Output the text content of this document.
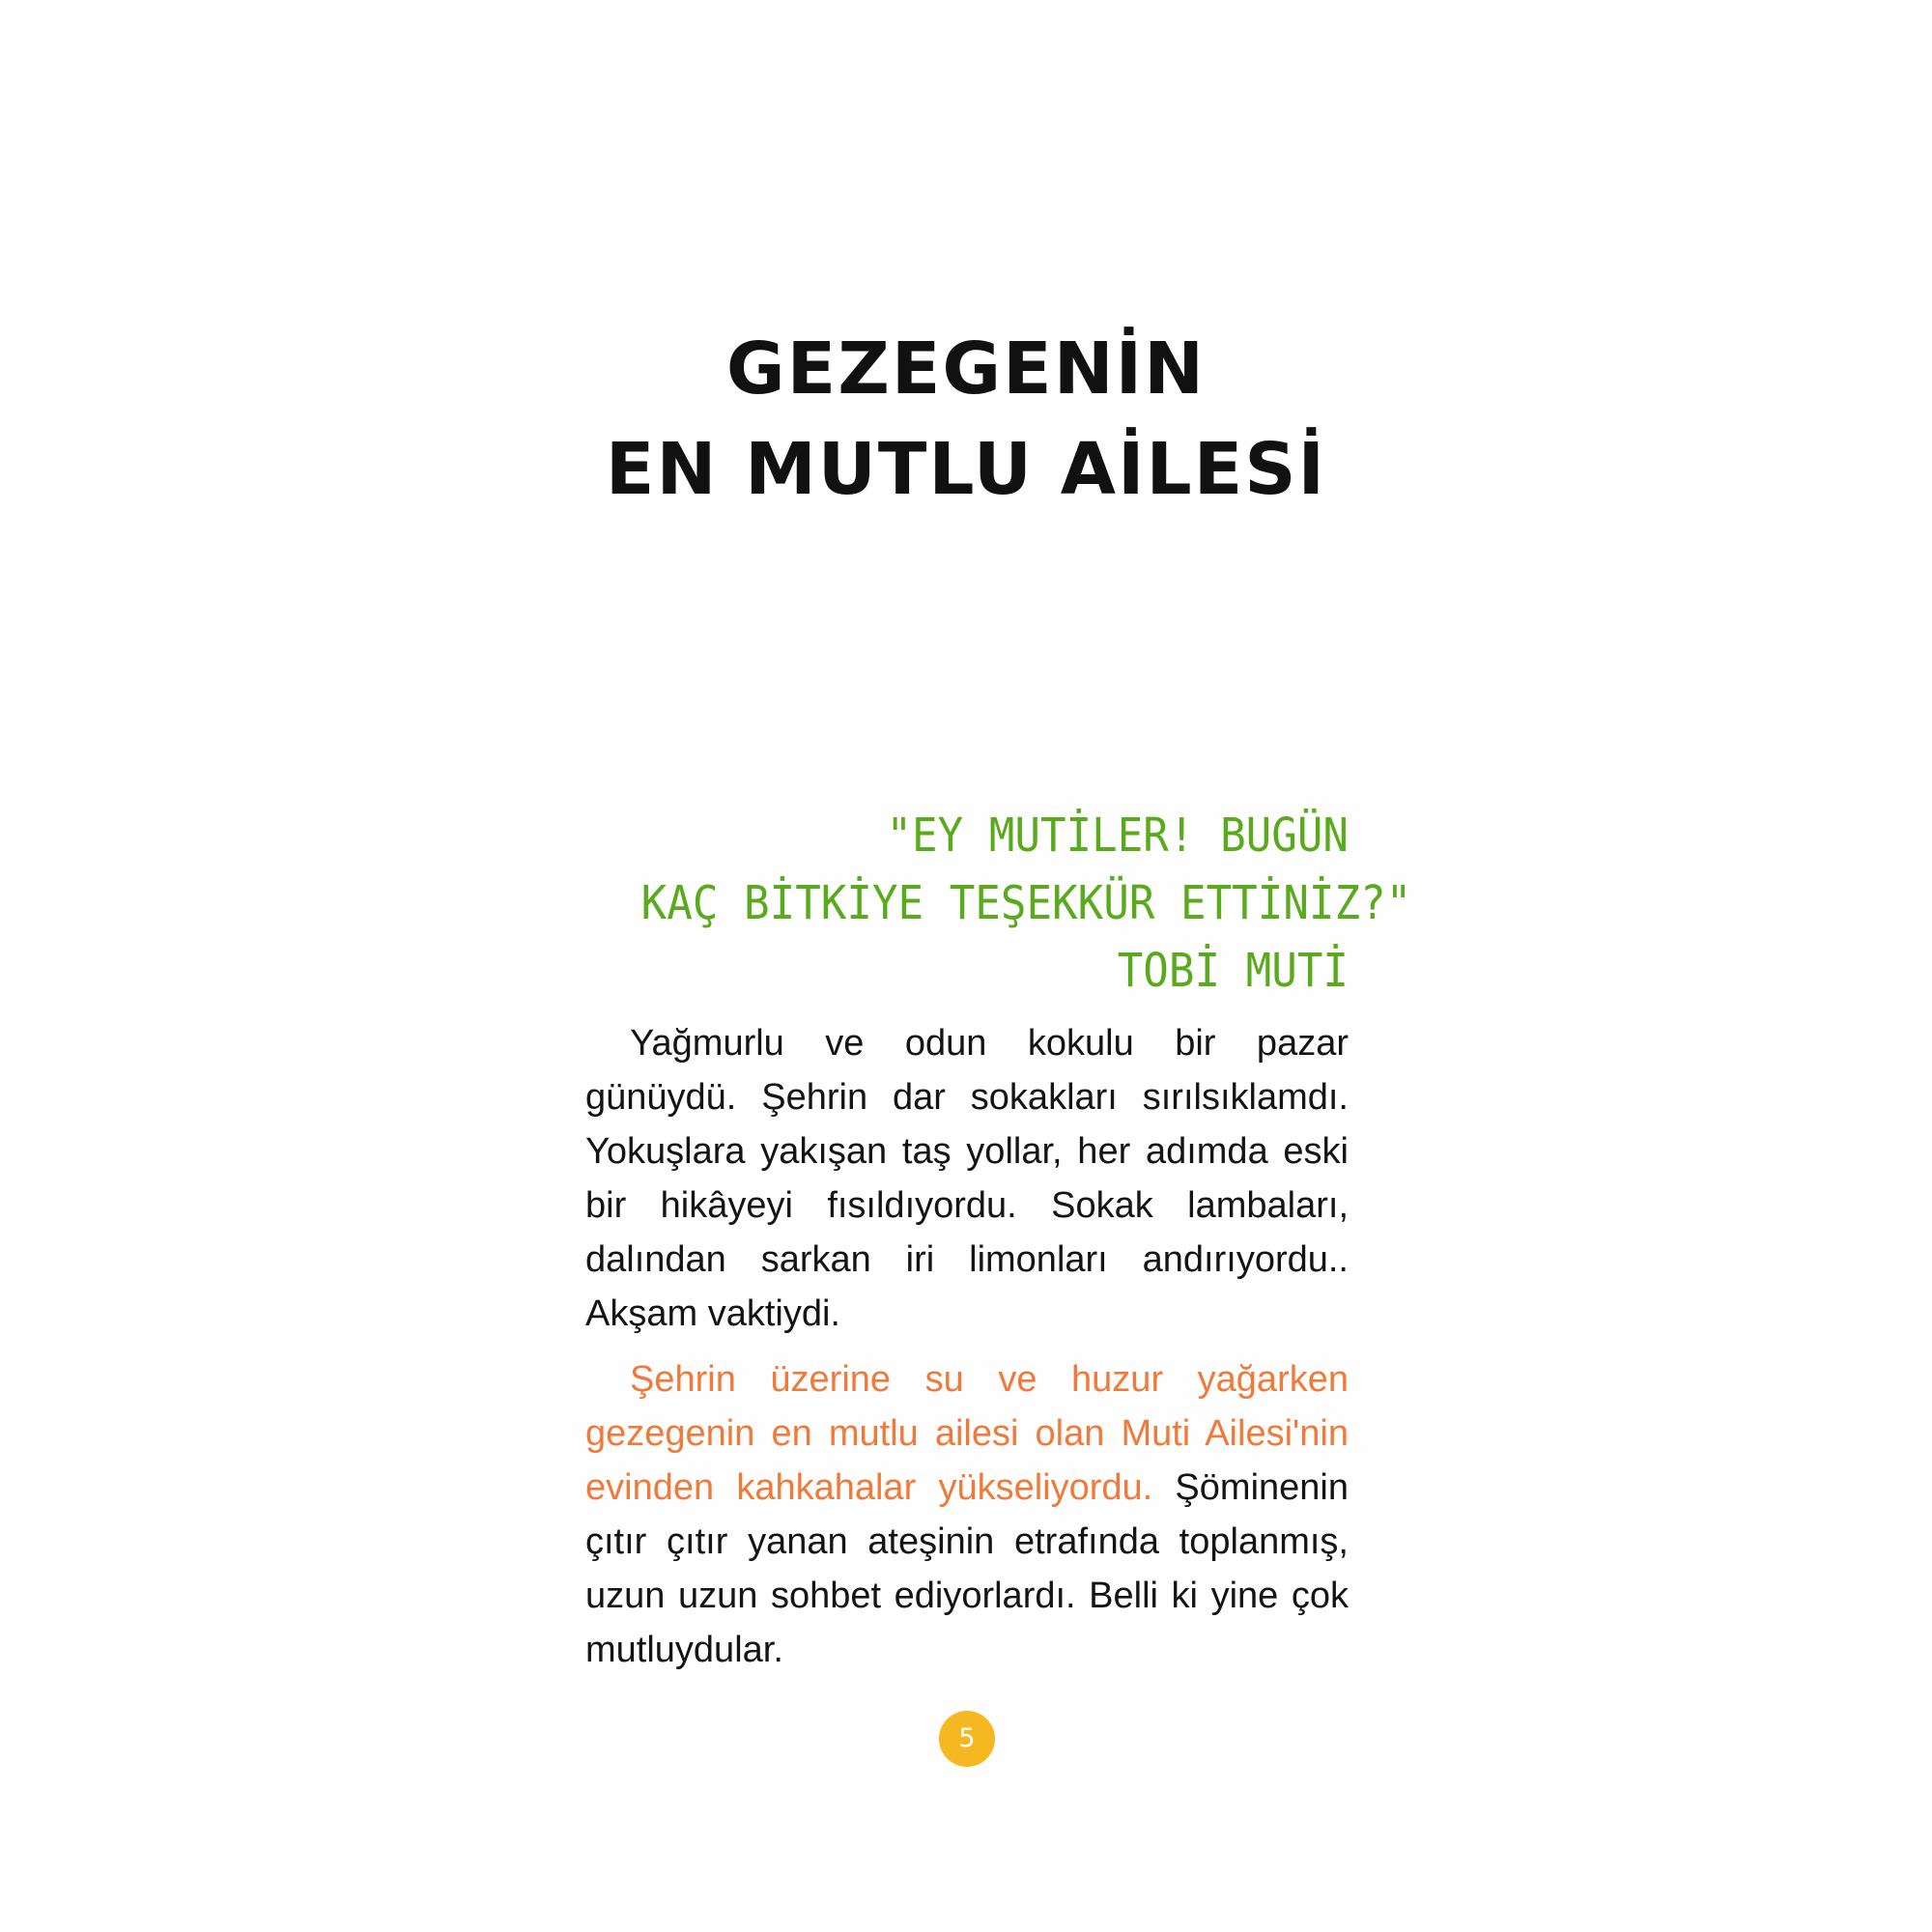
GEZEGENİN
EN MUTLU AİLESİ
"EY MUTİLER! BUGÜN
KAÇ BİTKİYE TEŞEKKÜR ETTİNİZ?"
TOBİ MUTİ

Yağmurlu ve odun kokulu bir pazar günüydü. Şehrin dar sokakları sırılsıklamdı. Yokuşlara yakışan taş yollar, her adımda eski bir hikâyeyi fısıldıyordu. Sokak lambaları, dalından sarkan iri limonları andırıyordu.. Akşam vaktiydi.

Şehrin üzerine su ve huzur yağarken gezegenin en mutlu ailesi olan Muti Ailesi'nin evinden kahkahalar yükseliyordu. Şöminenin çıtır çıtır yanan ateşinin etrafında toplanmış, uzun uzun sohbet ediyorlardı. Belli ki yine çok mutluydular.

5
